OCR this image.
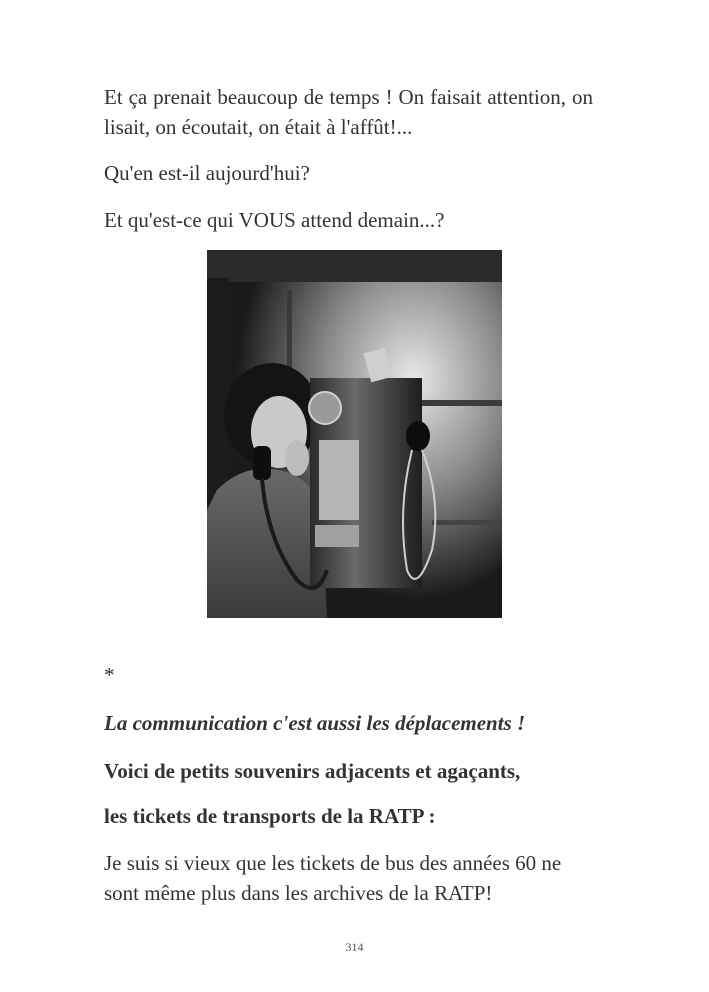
Et ça prenait beaucoup de temps ! On faisait attention, on lisait, on écoutait, on était à l'affût!...

Qu'en est-il aujourd'hui?

Et qu'est-ce qui VOUS attend demain...?

*

La communication c'est aussi les déplacements !

Voici de petits souvenirs adjacents et agaçants,

les tickets de transports de la RATP :

Je suis si vieux que les tickets de bus des années 60 ne sont même plus dans les archives de la RATP!

314
